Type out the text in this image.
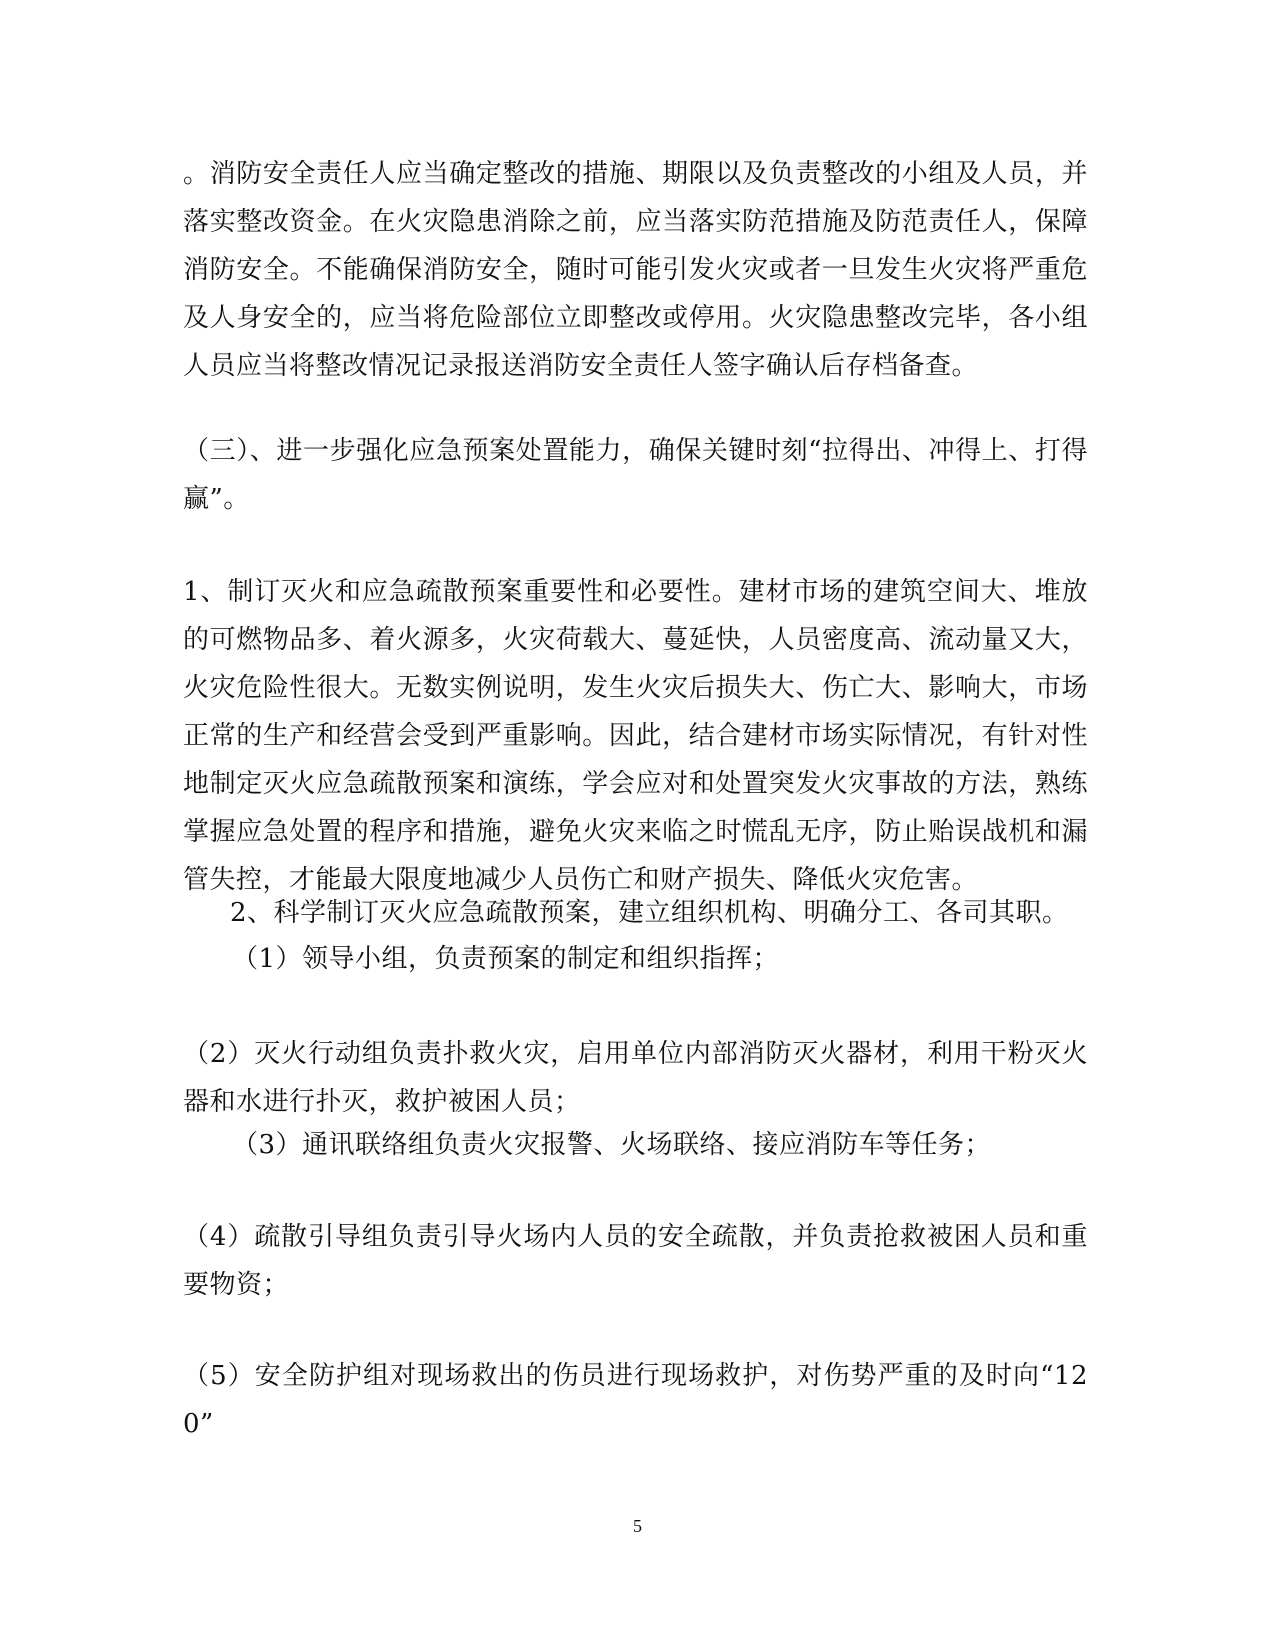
。消防安全责任人应当确定整改的措施、期限以及负责整改的小组及人员，并落实整改资金。在火灾隐患消除之前，应当落实防范措施及防范责任人，保障消防安全。不能确保消防安全，随时可能引发火灾或者一旦发生火灾将严重危及人身安全的，应当将危险部位立即整改或停用。火灾隐患整改完毕，各小组人员应当将整改情况记录报送消防安全责任人签字确认后存档备查。

（三）、进一步强化应急预案处置能力，确保关键时刻“拉得出、冲得上、打得赢”。

1、制订灭火和应急疏散预案重要性和必要性。建材市场的建筑空间大、堆放的可燃物品多、着火源多，火灾荷载大、蔓延快，人员密度高、流动量又大，火灾危险性很大。无数实例说明，发生火灾后损失大、伤亡大、影响大，市场正常的生产和经营会受到严重影响。因此，结合建材市场实际情况，有针对性地制定灭火应急疏散预案和演练，学会应对和处置突发火灾事故的方法，熟练掌握应急处置的程序和措施，避免火灾来临之时慌乱无序，防止贻误战机和漏管失控，才能最大限度地减少人员伤亡和财产损失、降低火灾危害。

2、科学制订灭火应急疏散预案，建立组织机构、明确分工、各司其职。

（1）领导小组，负责预案的制定和组织指挥；

（2）灭火行动组负责扑救火灾，启用单位内部消防灭火器材，利用干粉灭火器和水进行扑灭，救护被困人员；

（3）通讯联络组负责火灾报警、火场联络、接应消防车等任务；

（4）疏散引导组负责引导火场内人员的安全疏散，并负责抢救被困人员和重要物资；

（5）安全防护组对现场救出的伤员进行现场救护，对伤势严重的及时向“120”

5
